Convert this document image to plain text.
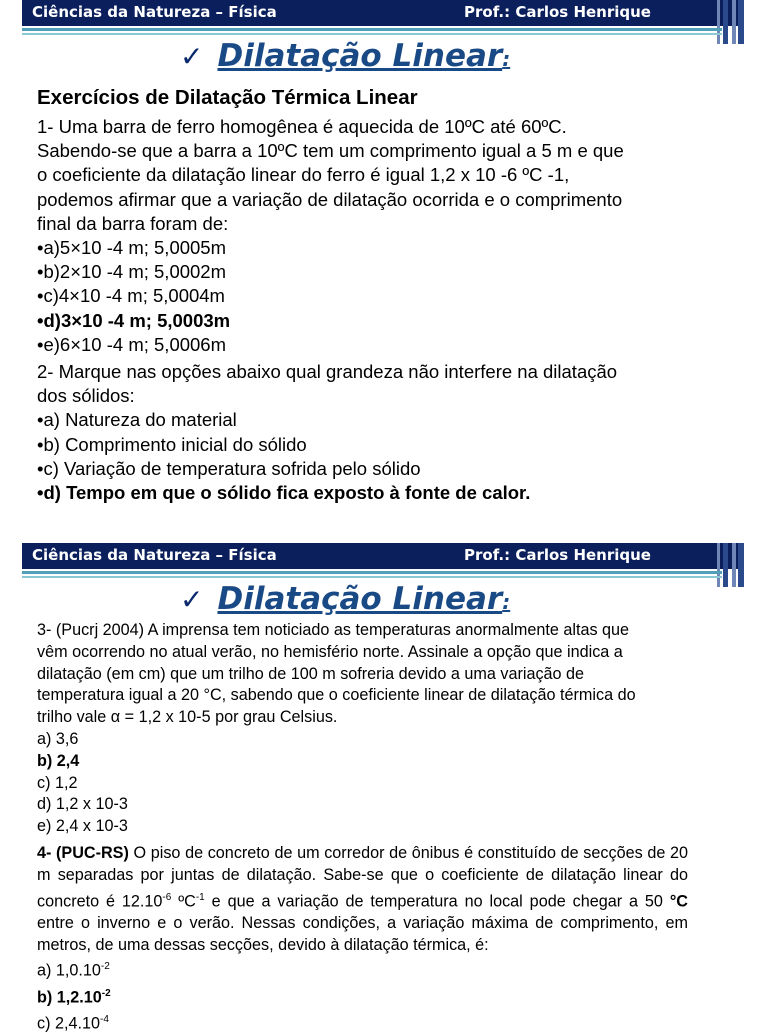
Ciências da Natureza – Física	Prof.: Carlos Henrique
✓ Dilatação Linear:
Exercícios de Dilatação Térmica Linear
1- Uma barra de ferro homogênea é aquecida de 10ºC até 60ºC.
Sabendo-se que a barra a 10ºC tem um comprimento igual a 5 m e que
o coeficiente da dilatação linear do ferro é igual 1,2 x 10 -6 ºC -1,
podemos afirmar que a variação de dilatação ocorrida e o comprimento
final da barra foram de:
•a)5×10 -4 m; 5,0005m
•b)2×10 -4 m; 5,0002m
•c)4×10 -4 m; 5,0004m
•d)3×10 -4 m; 5,0003m
•e)6×10 -4 m; 5,0006m
2- Marque nas opções abaixo qual grandeza não interfere na dilatação
dos sólidos:
•a) Natureza do material
•b) Comprimento inicial do sólido
•c) Variação de temperatura sofrida pelo sólido
•d) Tempo em que o sólido fica exposto à fonte de calor.
Ciências da Natureza – Física	Prof.: Carlos Henrique
✓ Dilatação Linear:
3- (Pucrj 2004) A imprensa tem noticiado as temperaturas anormalmente altas que
vêm ocorrendo no atual verão, no hemisfério norte. Assinale a opção que indica a
dilatação (em cm) que um trilho de 100 m sofreria devido a uma variação de
temperatura igual a 20 °C, sabendo que o coeficiente linear de dilatação térmica do
trilho vale α = 1,2 x 10-5 por grau Celsius.
a) 3,6
b) 2,4
c) 1,2
d) 1,2 x 10-3
e) 2,4 x 10-3
4- (PUC-RS) O piso de concreto de um corredor de ônibus é constituído de secções de 20 m separadas por juntas de dilatação. Sabe-se que o coeficiente de dilatação linear do concreto é $12.10^{-6}$ ºC$^{-1}$ e que a variação de temperatura no local pode chegar a 50 °C entre o inverno e o verão. Nessas condições, a variação máxima de comprimento, em metros, de uma dessas secções, devido à dilatação térmica, é:
a) $1,0.10^{-2}$
b) $1,2.10^{-2}$
c) $2,4.10^{-4}$
